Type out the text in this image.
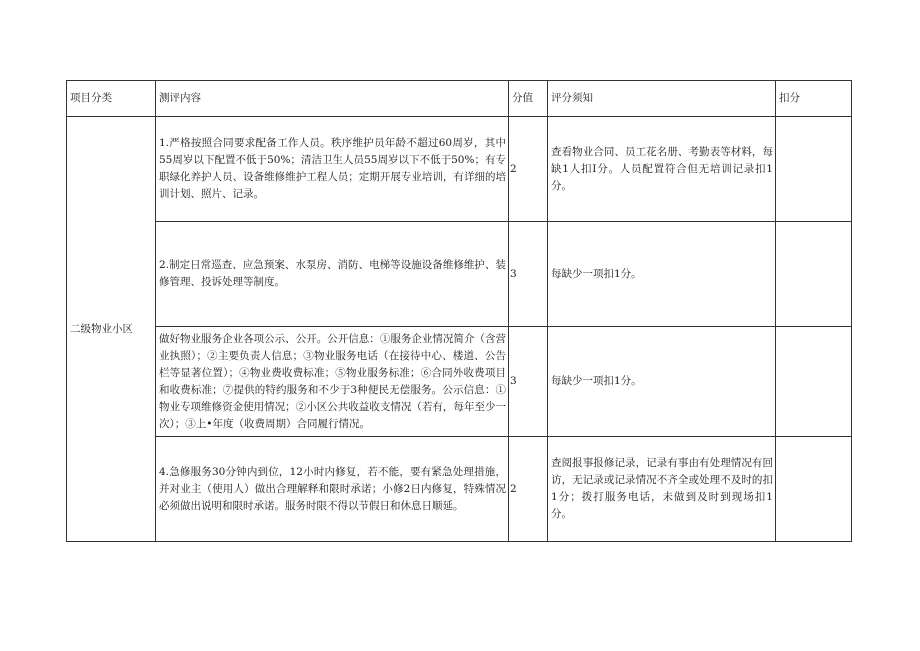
项目分类	测评内容	分值	评分须知	扣分

二级物业小区	1.严格按照合同要求配备工作人员。秩序维护员年龄不超过60周岁，其中55周岁以下配置不低于50%；清洁卫生人员55周岁以下不低于50%；有专职绿化养护人员、设备维修维护工程人员；定期开展专业培训，有详细的培训计划、照片、记录。	2	查看物业合同、员工花名册、考勤表等材料，每缺1人扣I分。人员配置符合但无培训记录扣1分。	

	2.制定日常巡查、应急预案、水泵房、消防、电梯等设施设备维修维护、装修管理、投诉处理等制度。	3	每缺少一项扣1分。	

	做好物业服务企业各项公示、公开。公开信息：①服务企业情况简介（含营业执照）；②主要负责人信息；③物业服务电话（在接待中心、楼道、公告栏等显著位置）；④物业费收费标准；⑤物业服务标准；⑥合同外收费项目和收费标准；⑦提供的特约服务和不少于3种便民无偿服务。公示信息：①物业专项维修资金使用情况；②小区公共收益收支情况（若有，每年至少一次）；③上•年度（收费周期）合同履行情况。	3	每缺少一项扣1分。	

	4.急修服务30分钟内到位，12小时内修复，若不能，要有紧急处理措施，并对业主（使用人）做出合理解释和限时承诺；小修2日内修复，特殊情况必须做出说明和限时承诺。服务时限不得以节假日和休息日顺延。	2	查阅报事报修记录，记录有事由有处理情况有回访，无记录或记录情况不齐全或处理不及时的扣1分；拨打服务电话，未做到及时到现场扣1分。	
